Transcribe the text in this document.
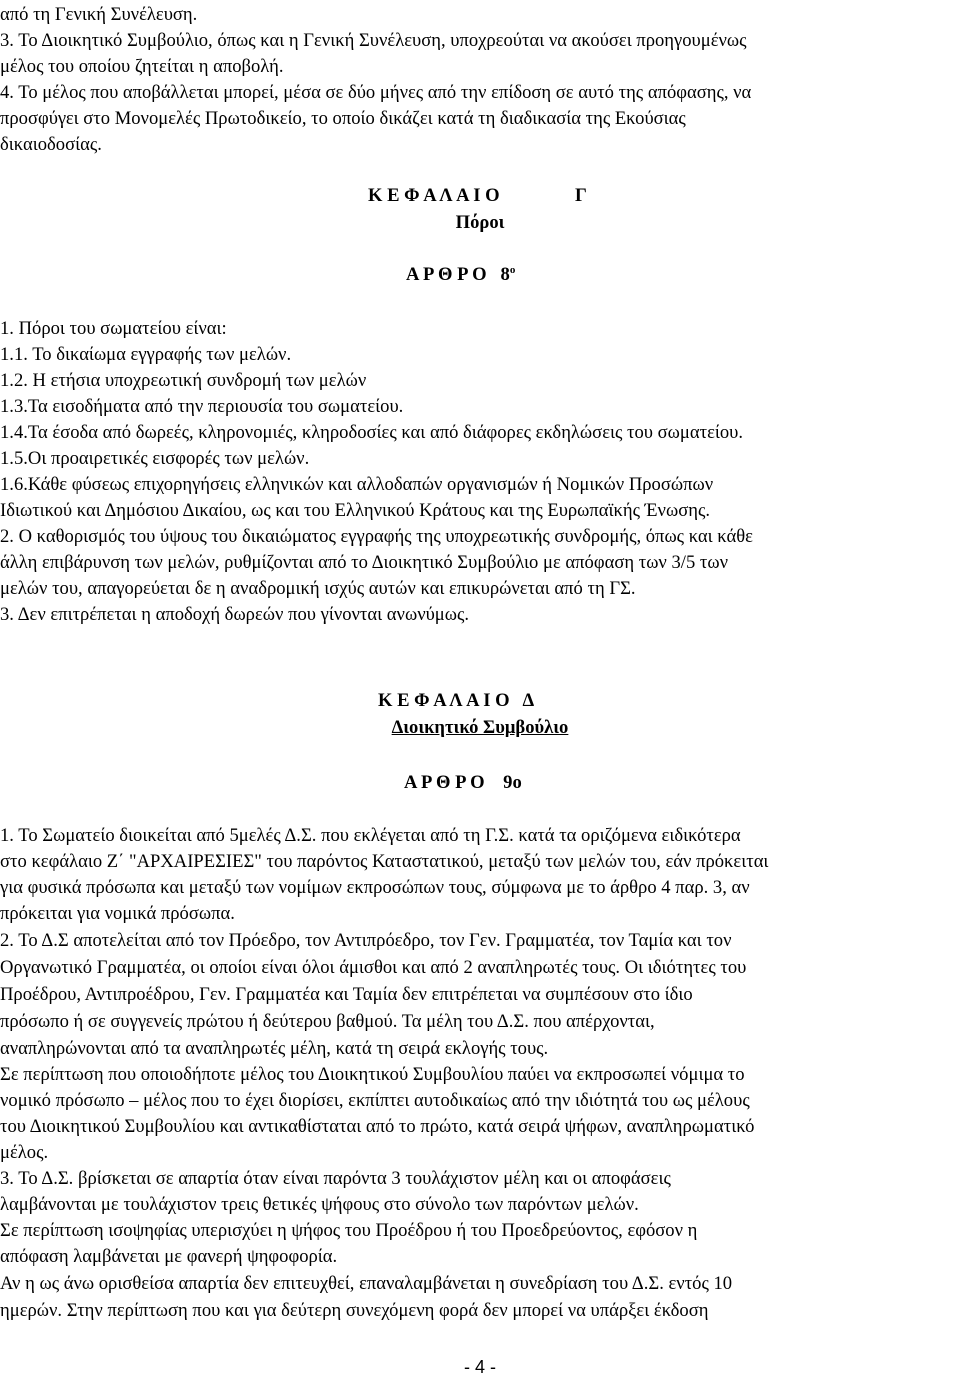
από τη Γενική Συνέλευση.
3. Το Διοικητικό Συμβούλιο, όπως και η Γενική Συνέλευση, υποχρεούται να ακούσει προηγουμένως
μέλος του οποίου ζητείται η αποβολή.
4. Το μέλος που αποβάλλεται μπορεί, μέσα σε δύο μήνες από την επίδοση σε αυτό της απόφασης, να
προσφύγει στο Μονομελές Πρωτοδικείο, το οποίο δικάζει κατά τη διαδικασία της Εκούσιας
δικαιοδοσίας.
Κ Ε Φ Α Λ Α Ι Ο	Γ
Πόροι
Α Ρ Θ Ρ Ο $8^o$
1. Πόροι του σωματείου είναι:
1.1. Το δικαίωμα εγγραφής των μελών.
1.2. Η ετήσια υποχρεωτική συνδρομή των μελών
1.3.Τα εισοδήματα από την περιουσία του σωματείου.
1.4.Τα έσοδα από δωρεές, κληρονομιές, κληροδοσίες και από διάφορες εκδηλώσεις του σωματείου.
1.5.Οι προαιρετικές εισφορές των μελών.
1.6.Κάθε φύσεως επιχορηγήσεις ελληνικών και αλλοδαπών οργανισμών ή Νομικών Προσώπων
Ιδιωτικού και Δημόσιου Δικαίου, ως και του Ελληνικού Κράτους και της Ευρωπαϊκής Ένωσης.
2. Ο καθορισμός του ύψους του δικαιώματος εγγραφής της υποχρεωτικής συνδρομής, όπως και κάθε
άλλη επιβάρυνση των μελών, ρυθμίζονται από το Διοικητικό Συμβούλιο με απόφαση των 3/5 των
μελών του, απαγορεύεται δε η αναδρομική ισχύς αυτών και επικυρώνεται από τη ΓΣ.
3. Δεν επιτρέπεται η αποδοχή δωρεών που γίνονται ανωνύμως.
Κ Ε Φ Α Λ Α Ι Ο   Δ
Διοικητικό Συμβούλιο
Α Ρ Θ Ρ Ο    9ο
1. Το Σωματείο διοικείται από 5μελές Δ.Σ. που εκλέγεται από τη Γ.Σ. κατά τα οριζόμενα ειδικότερα
στο κεφάλαιο Ζ΄ "ΑΡΧΑΙΡΕΣΙΕΣ" του παρόντος Καταστατικού, μεταξύ των μελών του, εάν πρόκειται
για φυσικά πρόσωπα και μεταξύ των νομίμων εκπροσώπων τους, σύμφωνα με το άρθρο 4 παρ. 3, αν
πρόκειται για νομικά πρόσωπα.
2. Το Δ.Σ αποτελείται από τον Πρόεδρο, τον Αντιπρόεδρο, τον Γεν. Γραμματέα, τον Ταμία και τον
Οργανωτικό Γραμματέα, οι οποίοι είναι όλοι άμισθοι και από 2 αναπληρωτές τους. Οι ιδιότητες του
Προέδρου, Αντιπροέδρου, Γεν. Γραμματέα και Ταμία δεν επιτρέπεται να συμπέσουν στο ίδιο
πρόσωπο ή σε συγγενείς πρώτου ή δεύτερου βαθμού. Τα μέλη του Δ.Σ. που απέρχονται,
αναπληρώνονται από τα αναπληρωτές μέλη, κατά τη σειρά εκλογής τους.
Σε περίπτωση που οποιοδήποτε μέλος του Διοικητικού Συμβουλίου παύει να εκπροσωπεί νόμιμα το
νομικό πρόσωπο – μέλος που το έχει διορίσει, εκπίπτει αυτοδικαίως από την ιδιότητά του ως μέλους
του Διοικητικού Συμβουλίου και αντικαθίσταται από το πρώτο, κατά σειρά ψήφων, αναπληρωματικό
μέλος.
3. Το Δ.Σ. βρίσκεται σε απαρτία όταν είναι παρόντα 3 τουλάχιστον μέλη και οι αποφάσεις
λαμβάνονται με τουλάχιστον τρεις θετικές ψήφους στο σύνολο των παρόντων μελών.
Σε περίπτωση ισοψηφίας υπερισχύει η ψήφος του Προέδρου ή του Προεδρεύοντος, εφόσον η
απόφαση λαμβάνεται με φανερή ψηφοφορία.
Αν η ως άνω ορισθείσα απαρτία δεν επιτευχθεί, επαναλαμβάνεται η συνεδρίαση του Δ.Σ. εντός 10
ημερών. Στην περίπτωση που και για δεύτερη συνεχόμενη φορά δεν μπορεί να υπάρξει έκδοση
- 4 -
